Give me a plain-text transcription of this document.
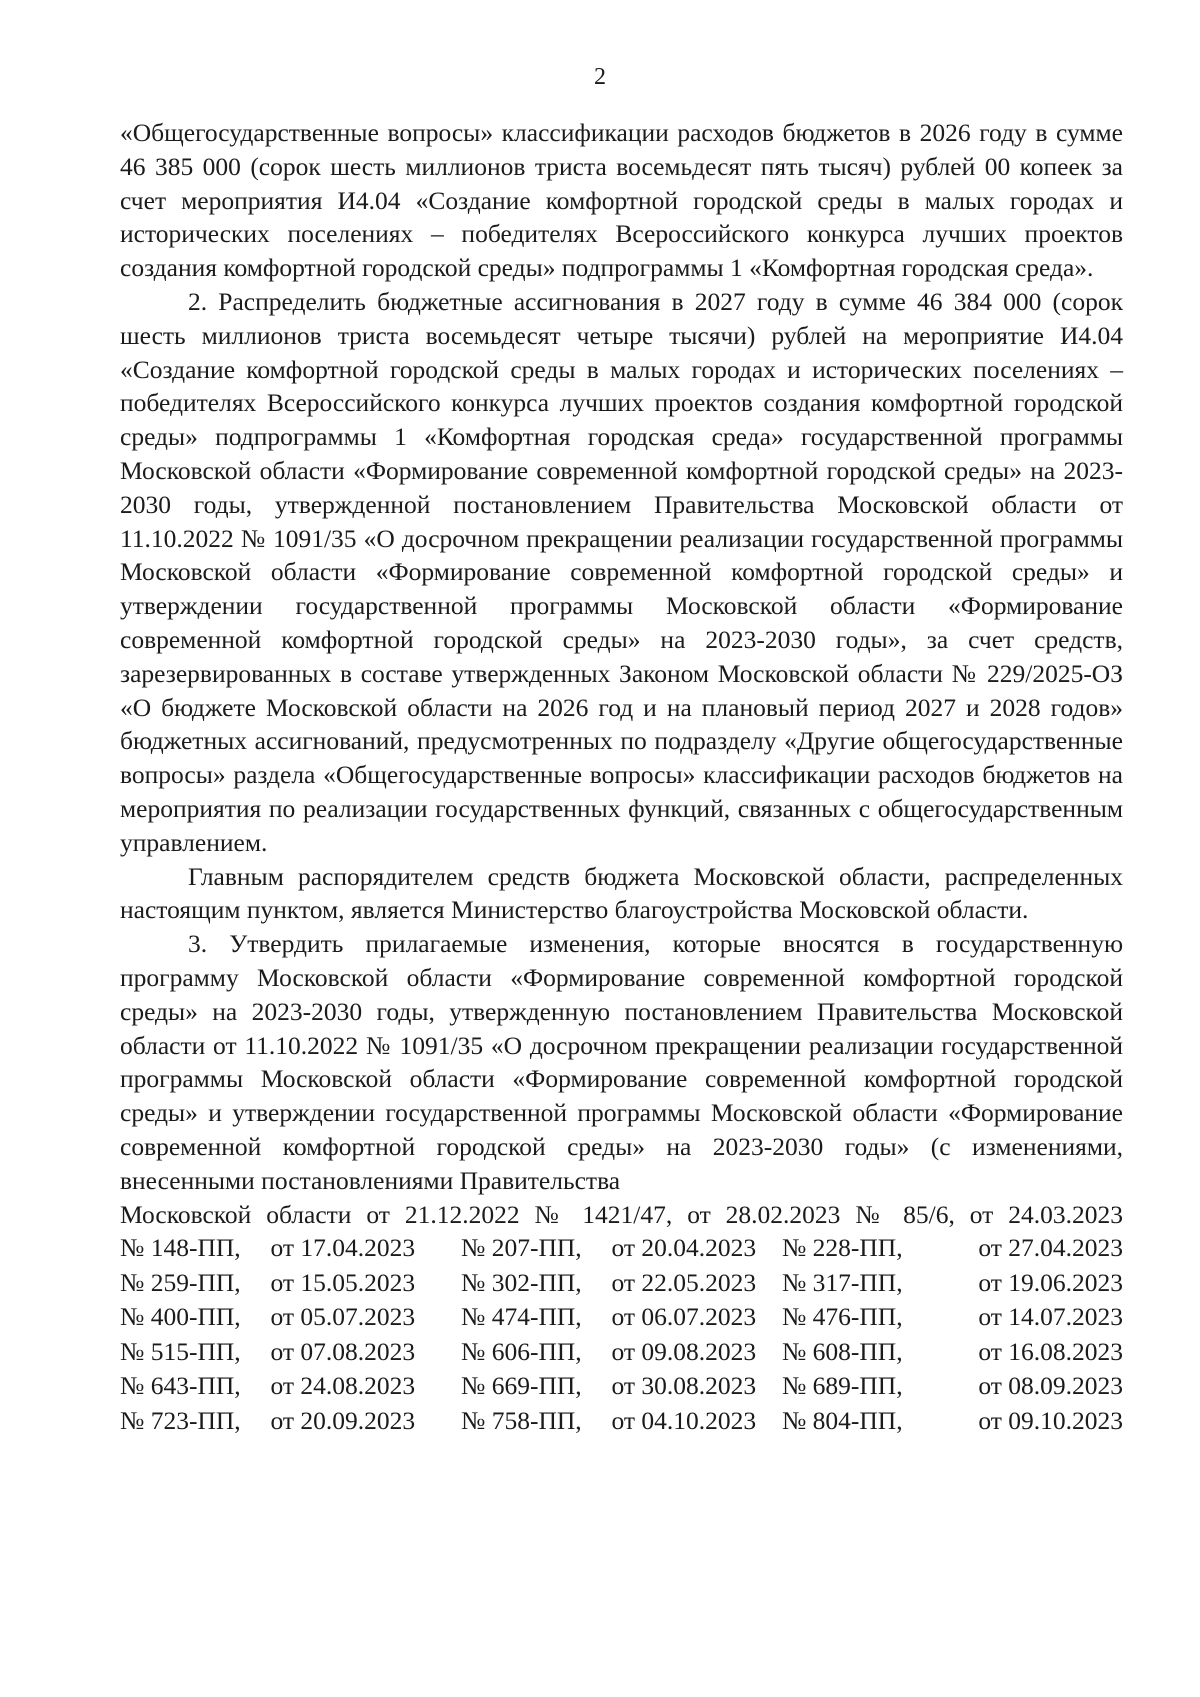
2

«Общегосударственные вопросы» классификации расходов бюджетов в 2026 году в сумме 46 385 000 (сорок шесть миллионов триста восемьдесят пять тысяч) рублей 00 копеек за счет мероприятия И4.04 «Создание комфортной городской среды в малых городах и исторических поселениях – победителях Всероссийского конкурса лучших проектов создания комфортной городской среды» подпрограммы 1 «Комфортная городская среда».

2. Распределить бюджетные ассигнования в 2027 году в сумме 46 384 000 (сорок шесть миллионов триста восемьдесят четыре тысячи) рублей на мероприятие И4.04 «Создание комфортной городской среды в малых городах и исторических поселениях – победителях Всероссийского конкурса лучших проектов создания комфортной городской среды» подпрограммы 1 «Комфортная городская среда» государственной программы Московской области «Формирование современной комфортной городской среды» на 2023-2030 годы, утвержденной постановлением Правительства Московской области от 11.10.2022 № 1091/35 «О досрочном прекращении реализации государственной программы Московской области «Формирование современной комфортной городской среды» и утверждении государственной программы Московской области «Формирование современной комфортной городской среды» на 2023-2030 годы», за счет средств, зарезервированных в составе утвержденных Законом Московской области № 229/2025-ОЗ «О бюджете Московской области на 2026 год и на плановый период 2027 и 2028 годов» бюджетных ассигнований, предусмотренных по подразделу «Другие общегосударственные вопросы» раздела «Общегосударственные вопросы» классификации расходов бюджетов на мероприятия по реализации государственных функций, связанных с общегосударственным управлением.

Главным распорядителем средств бюджета Московской области, распределенных настоящим пунктом, является Министерство благоустройства Московской области.

3. Утвердить прилагаемые изменения, которые вносятся в государственную программу Московской области «Формирование современной комфортной городской среды» на 2023-2030 годы, утвержденную постановлением Правительства Московской области от 11.10.2022 № 1091/35 «О досрочном прекращении реализации государственной программы Московской области «Формирование современной комфортной городской среды» и утверждении государственной программы Московской области «Формирование современной комфортной городской среды» на 2023-2030 годы» (с изменениями, внесенными постановлениями Правительства

Московской области от 21.12.2022 № 1421/47, от 28.02.2023 № 85/6, от 24.03.2023

№ 148-ПП,	от 17.04.2023	№ 207-ПП,	от 20.04.2023	№ 228-ПП,	от 27.04.2023
№ 259-ПП,	от 15.05.2023	№ 302-ПП,	от 22.05.2023	№ 317-ПП,	от 19.06.2023
№ 400-ПП,	от 05.07.2023	№ 474-ПП,	от 06.07.2023	№ 476-ПП,	от 14.07.2023
№ 515-ПП,	от 07.08.2023	№ 606-ПП,	от 09.08.2023	№ 608-ПП,	от 16.08.2023
№ 643-ПП,	от 24.08.2023	№ 669-ПП,	от 30.08.2023	№ 689-ПП,	от 08.09.2023
№ 723-ПП,	от 20.09.2023	№ 758-ПП,	от 04.10.2023	№ 804-ПП,	от 09.10.2023
